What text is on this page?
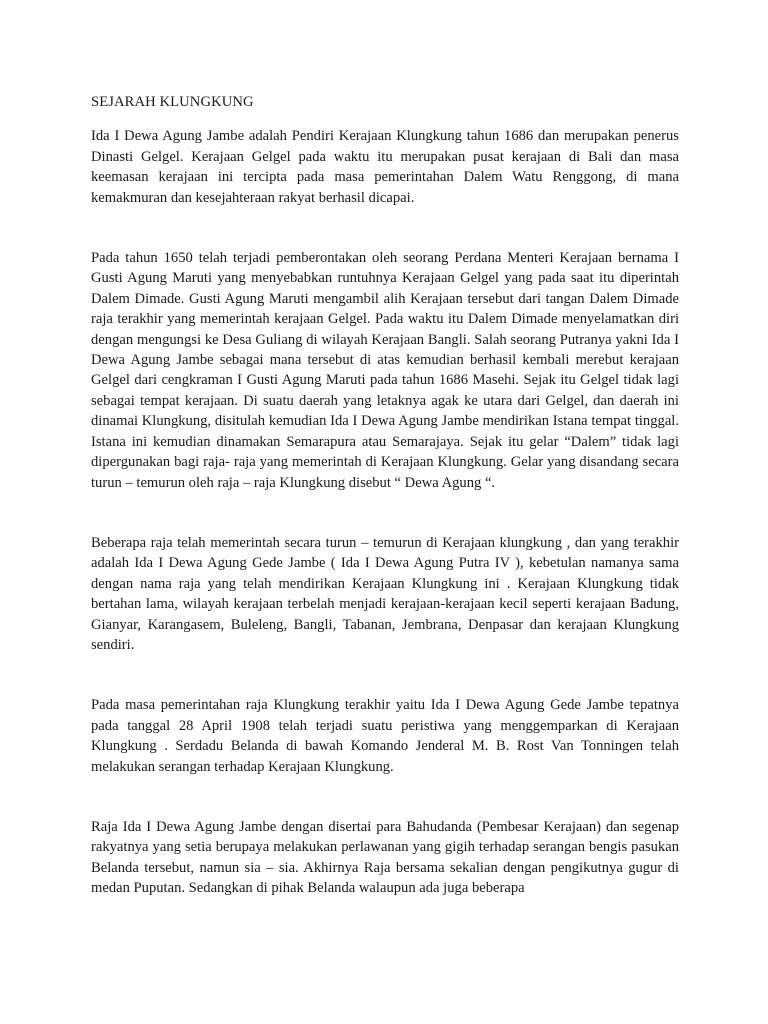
SEJARAH KLUNGKUNG

Ida I Dewa Agung Jambe adalah Pendiri Kerajaan Klungkung tahun 1686 dan merupakan penerus Dinasti Gelgel. Kerajaan Gelgel pada waktu itu merupakan pusat kerajaan di Bali dan masa keemasan kerajaan ini tercipta pada masa pemerintahan Dalem Watu Renggong, di mana kemakmuran dan kesejahteraan rakyat berhasil dicapai.

Pada tahun 1650 telah terjadi pemberontakan oleh seorang Perdana Menteri Kerajaan bernama I Gusti Agung Maruti yang menyebabkan runtuhnya Kerajaan Gelgel yang pada saat itu diperintah Dalem Dimade. Gusti Agung Maruti mengambil alih Kerajaan tersebut dari tangan Dalem Dimade raja terakhir yang memerintah kerajaan Gelgel. Pada waktu itu Dalem Dimade menyelamatkan diri dengan mengungsi ke Desa Guliang di wilayah Kerajaan Bangli. Salah seorang Putranya yakni Ida I Dewa Agung Jambe sebagai mana tersebut di atas kemudian berhasil kembali merebut kerajaan Gelgel dari cengkraman I Gusti Agung Maruti pada tahun 1686 Masehi. Sejak itu Gelgel tidak lagi sebagai tempat kerajaan. Di suatu daerah yang letaknya agak ke utara dari Gelgel, dan daerah ini dinamai Klungkung, disitulah kemudian Ida I Dewa Agung Jambe mendirikan Istana tempat tinggal. Istana ini kemudian dinamakan Semarapura atau Semarajaya. Sejak itu gelar “Dalem” tidak lagi dipergunakan bagi raja- raja yang memerintah di Kerajaan Klungkung. Gelar yang disandang secara turun – temurun oleh raja – raja Klungkung disebut “ Dewa Agung “.

Beberapa raja telah memerintah secara turun – temurun di Kerajaan klungkung , dan yang terakhir adalah Ida I Dewa Agung Gede Jambe ( Ida I Dewa Agung Putra IV ), kebetulan namanya sama dengan nama raja yang telah mendirikan Kerajaan Klungkung ini . Kerajaan Klungkung tidak bertahan lama, wilayah kerajaan terbelah menjadi kerajaan-kerajaan kecil seperti kerajaan Badung, Gianyar, Karangasem, Buleleng, Bangli, Tabanan, Jembrana, Denpasar dan kerajaan Klungkung sendiri.

Pada masa pemerintahan raja Klungkung terakhir yaitu Ida I Dewa Agung Gede Jambe tepatnya pada tanggal 28 April 1908 telah terjadi suatu peristiwa yang menggemparkan di Kerajaan Klungkung . Serdadu Belanda di bawah Komando Jenderal M. B. Rost Van Tonningen telah melakukan serangan terhadap Kerajaan Klungkung.

Raja Ida I Dewa Agung Jambe dengan disertai para Bahudanda (Pembesar Kerajaan) dan segenap rakyatnya yang setia berupaya melakukan perlawanan yang gigih terhadap serangan bengis pasukan Belanda tersebut, namun sia – sia. Akhirnya Raja bersama sekalian dengan pengikutnya gugur di medan Puputan. Sedangkan di pihak Belanda walaupun ada juga beberapa
